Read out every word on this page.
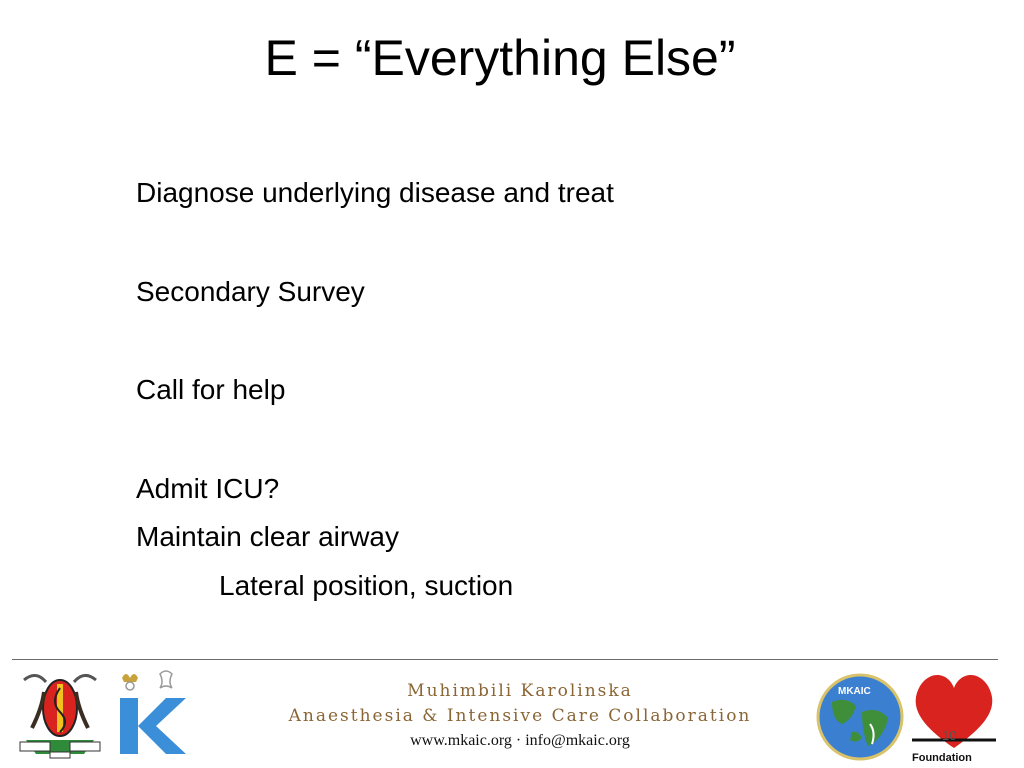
E = “Everything Else”
Diagnose underlying disease and treat
Secondary Survey
Call for help
Admit ICU?
Maintain clear airway
Lateral position, suction
Muhimbili Karolinska
Anaesthesia & Intensive Care Collaboration
www.mkaic.org · info@mkaic.org
MKAIC
10
Foundation
